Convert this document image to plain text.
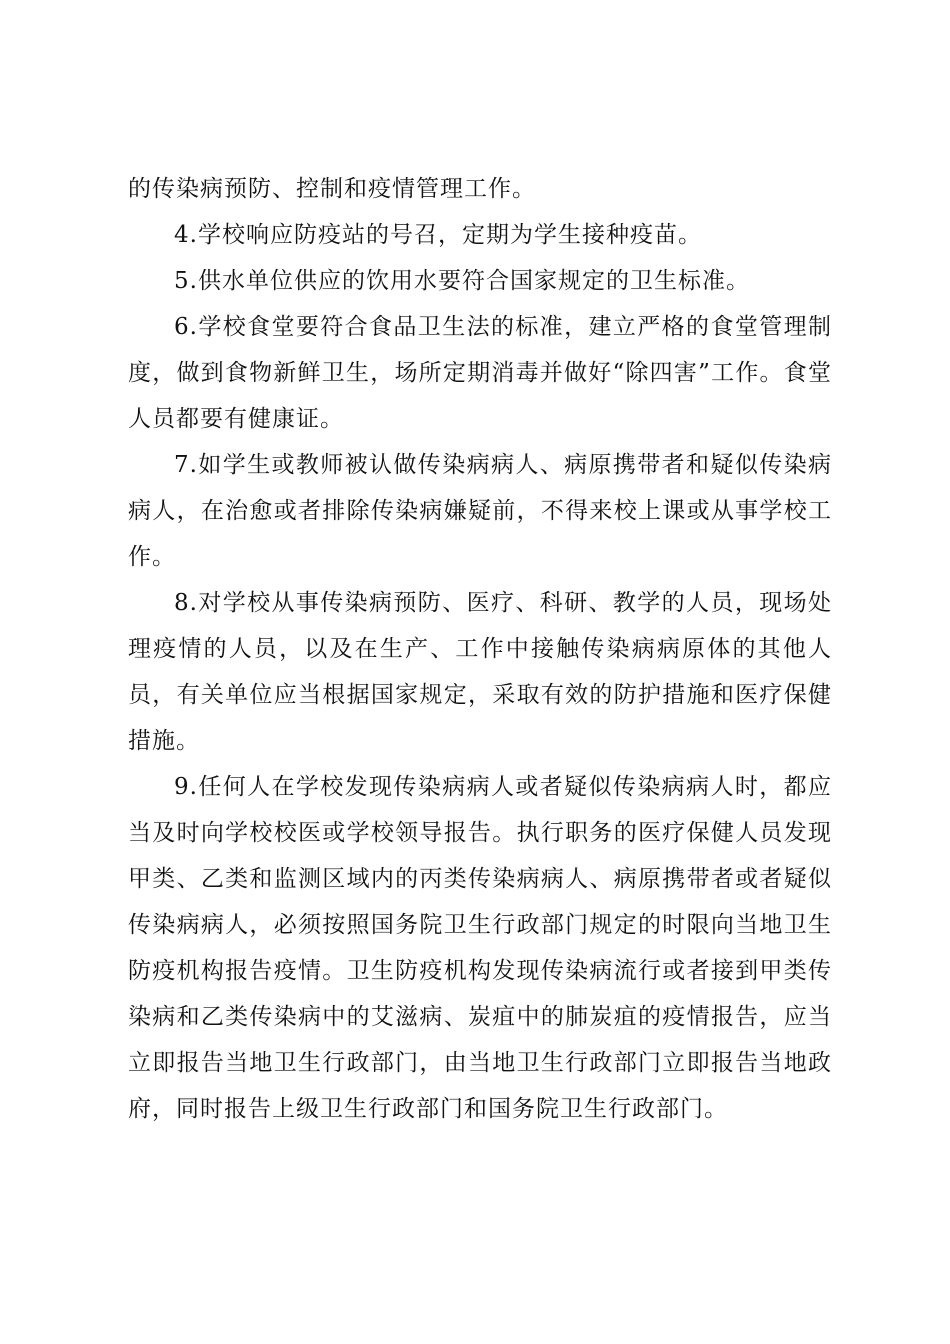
的传染病预防、控制和疫情管理工作。

4.学校响应防疫站的号召，定期为学生接种疫苗。

5.供水单位供应的饮用水要符合国家规定的卫生标准。

6.学校食堂要符合食品卫生法的标准，建立严格的食堂管理制度，做到食物新鲜卫生，场所定期消毒并做好“除四害”工作。食堂人员都要有健康证。

7.如学生或教师被认做传染病病人、病原携带者和疑似传染病病人，在治愈或者排除传染病嫌疑前，不得来校上课或从事学校工作。

8.对学校从事传染病预防、医疗、科研、教学的人员，现场处理疫情的人员，以及在生产、工作中接触传染病病原体的其他人员，有关单位应当根据国家规定，采取有效的防护措施和医疗保健措施。

9.任何人在学校发现传染病病人或者疑似传染病病人时，都应当及时向学校校医或学校领导报告。执行职务的医疗保健人员发现甲类、乙类和监测区域内的丙类传染病病人、病原携带者或者疑似传染病病人，必须按照国务院卫生行政部门规定的时限向当地卫生防疫机构报告疫情。卫生防疫机构发现传染病流行或者接到甲类传染病和乙类传染病中的艾滋病、炭疽中的肺炭疽的疫情报告，应当立即报告当地卫生行政部门，由当地卫生行政部门立即报告当地政府，同时报告上级卫生行政部门和国务院卫生行政部门。
